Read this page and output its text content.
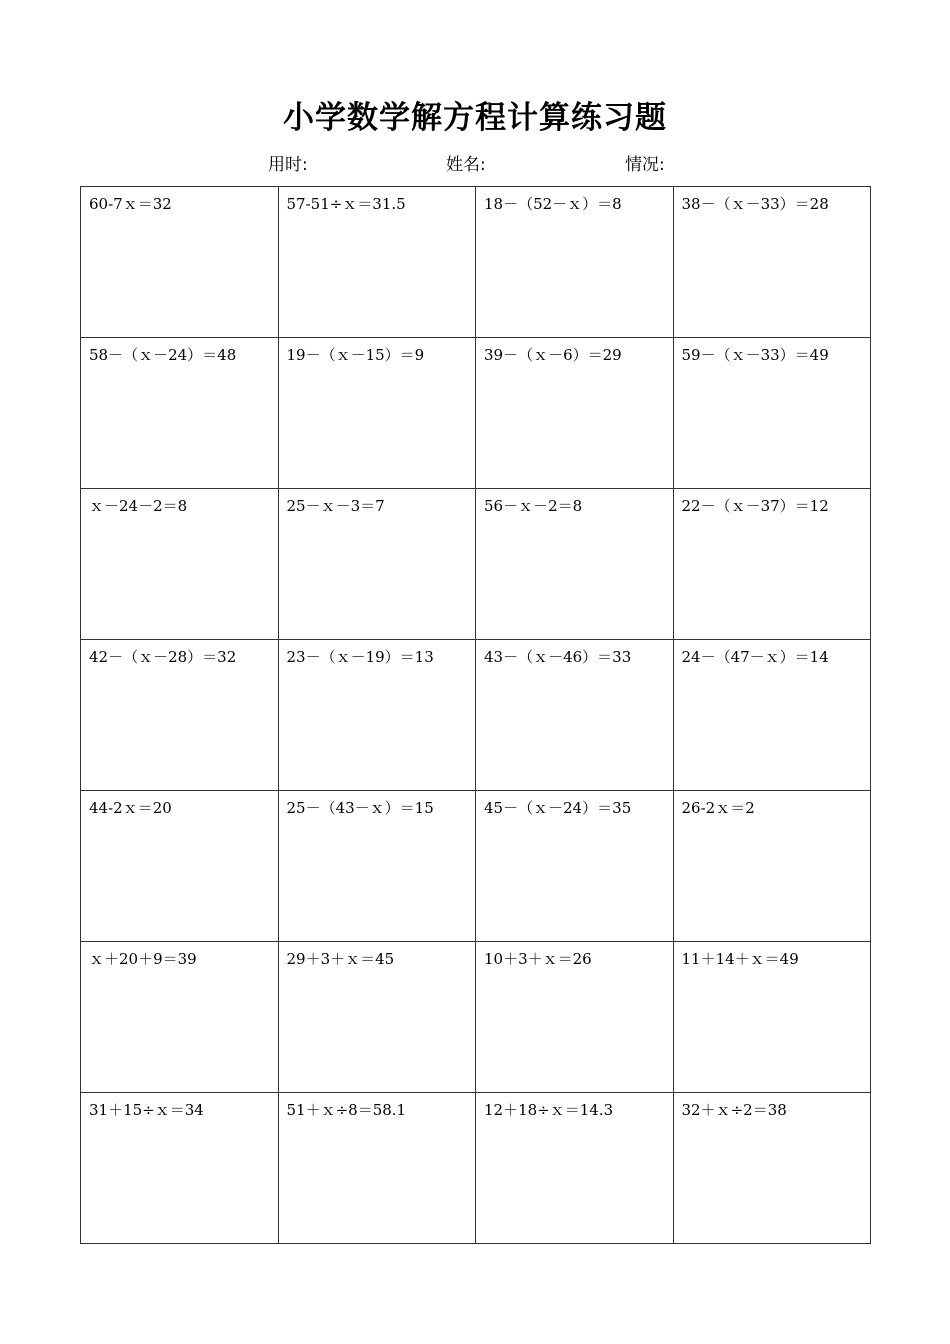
小学数学解方程计算练习题
用时:	姓名:	情况:
60-7ｘ＝32	57-51÷ｘ＝31.5	18－（52－ｘ）＝8	38－（ｘ－33）＝28

58－（ｘ－24）＝48	19－（ｘ－15）＝9	39－（ｘ－6）＝29	59－（ｘ－33）＝49

ｘ－24－2＝8	25－ｘ－3＝7	56－ｘ－2＝8	22－（ｘ－37）＝12

42－（ｘ－28）＝32	23－（ｘ－19）＝13	43－（ｘ－46）＝33	24－（47－ｘ）＝14

44-2ｘ＝20	25－（43－ｘ）＝15	45－（ｘ－24）＝35	26-2ｘ＝2

ｘ＋20＋9＝39	29＋3＋ｘ＝45	10＋3＋ｘ＝26	11＋14＋ｘ＝49

31＋15÷ｘ＝34	51＋ｘ÷8＝58.1	12＋18÷ｘ＝14.3	32＋ｘ÷2＝38
